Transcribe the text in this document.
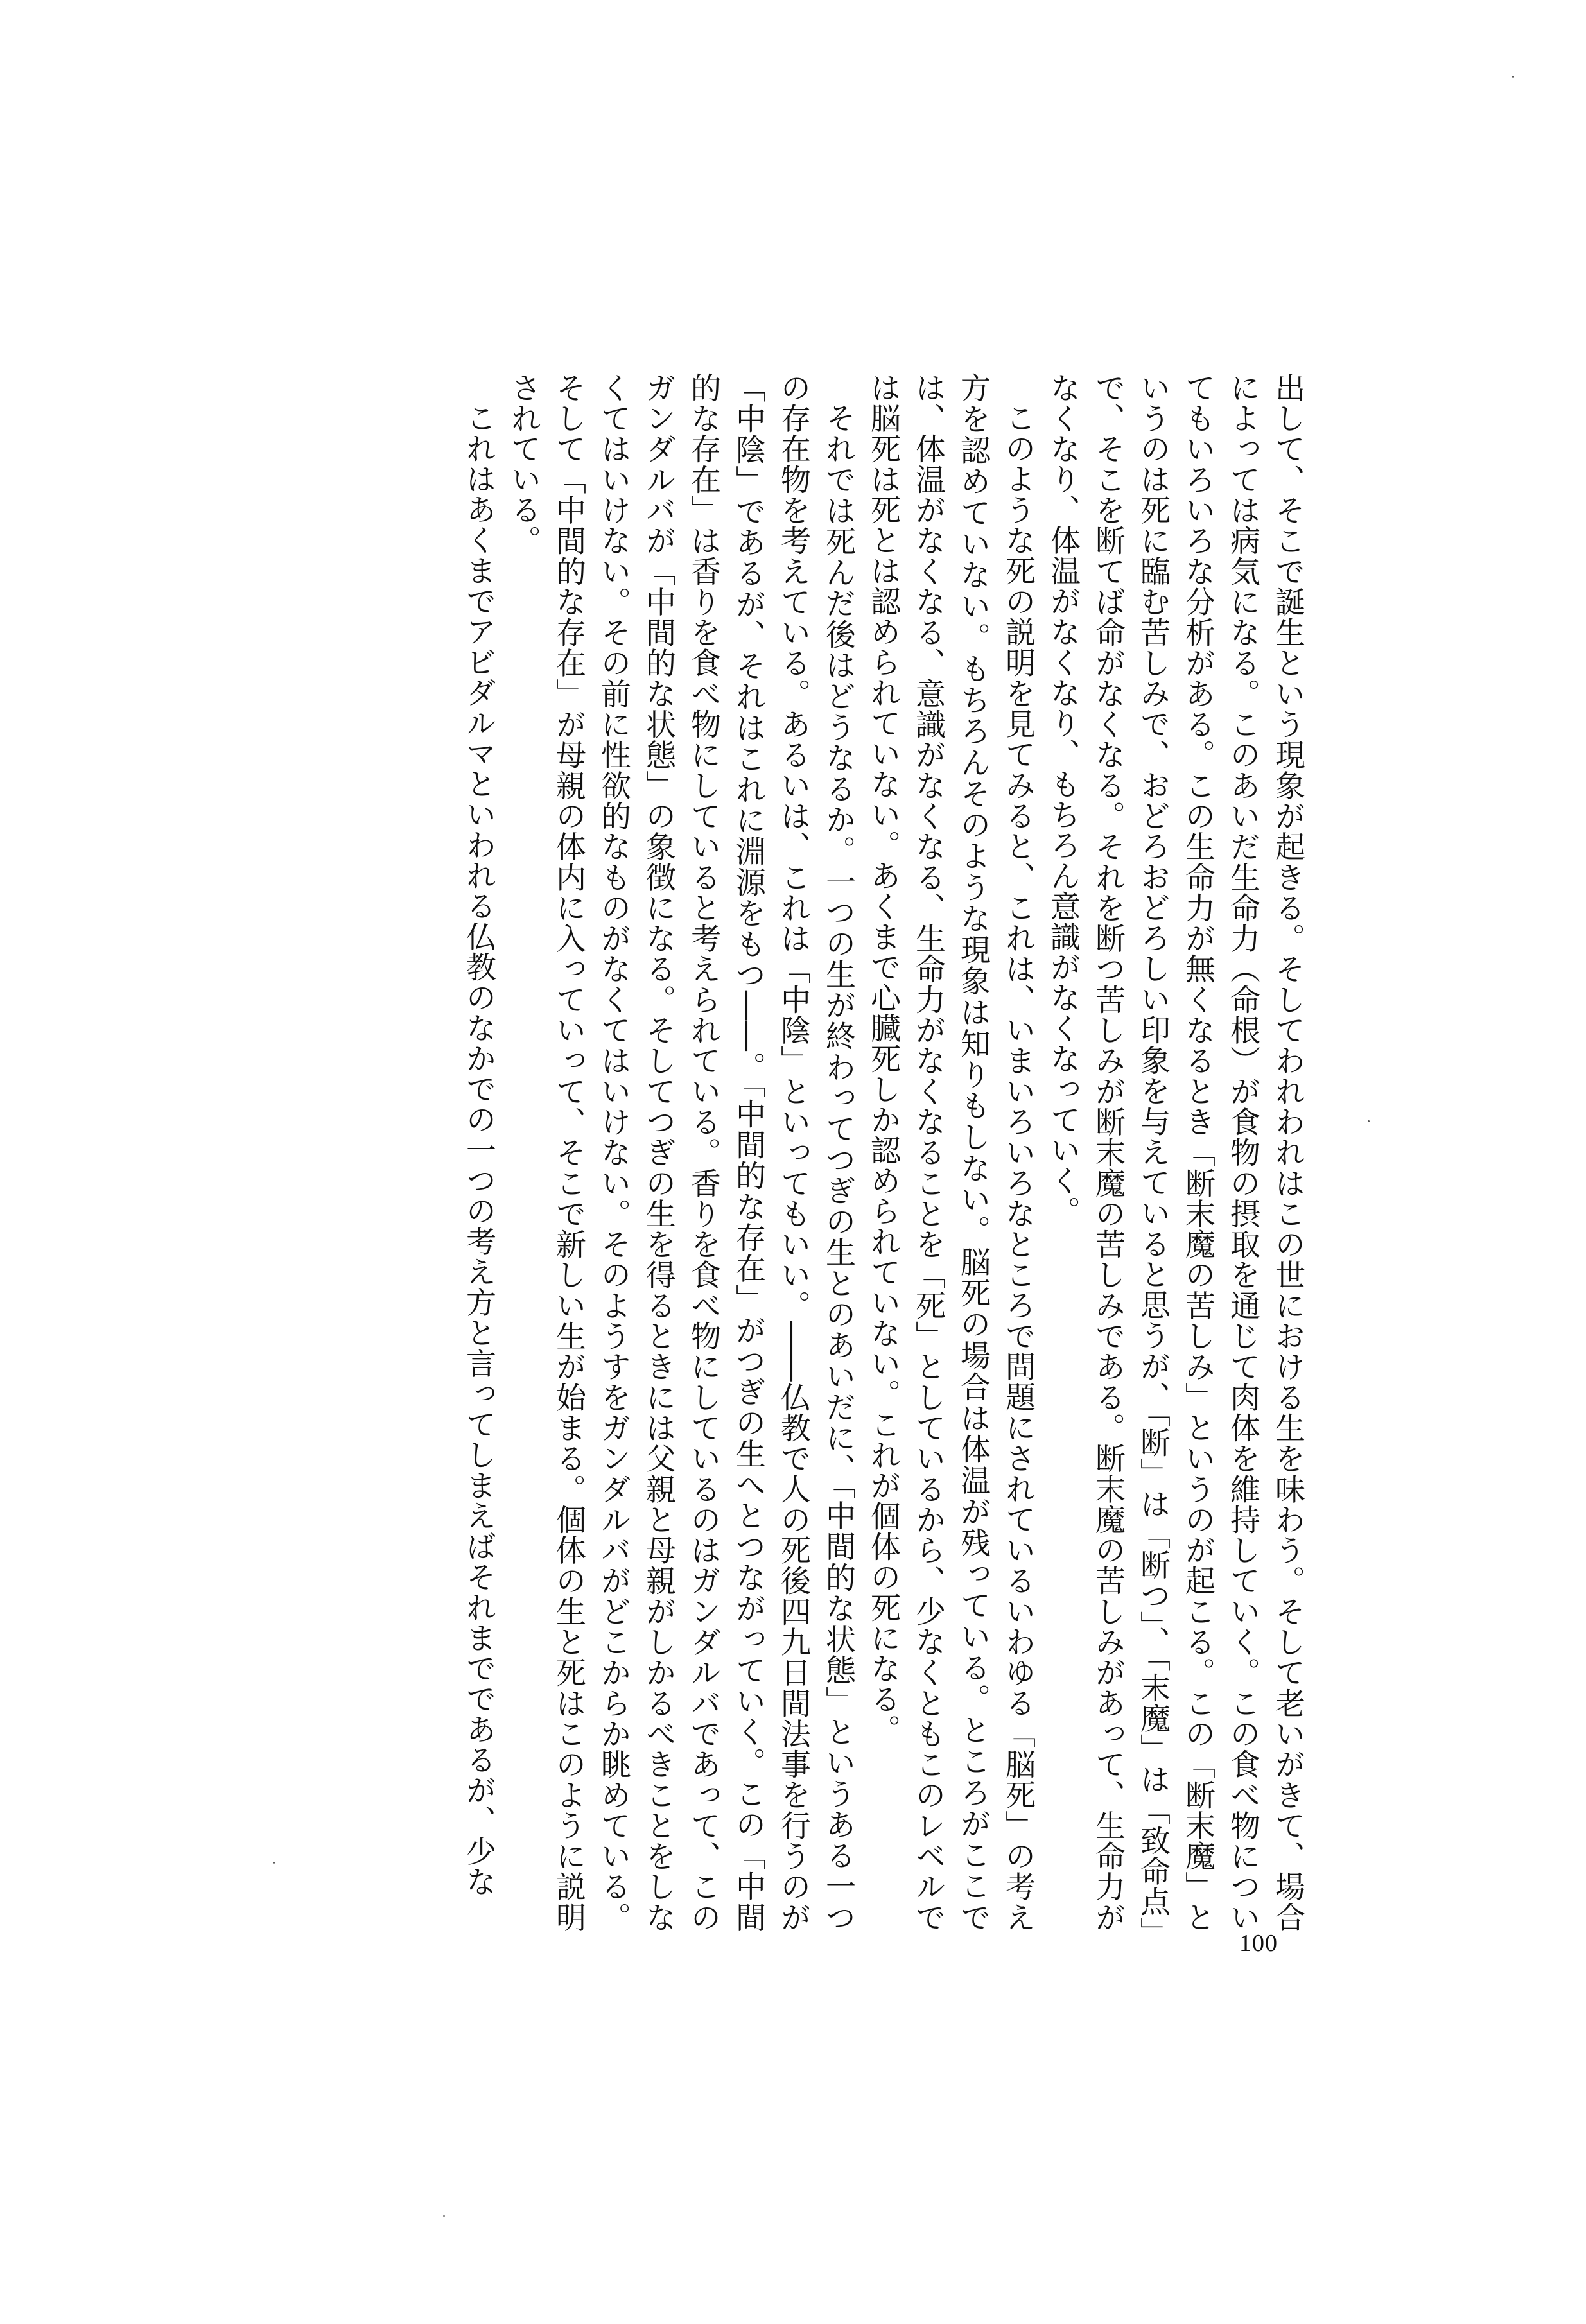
出して、そこで誕生という現象が起きる。そしてわれわれはこの世における生を味わう。そして老いがきて、場合によっては病気になる。このあいだ生命力（命根）が食物の摂取を通じて肉体を維持していく。この食べ物についてもいろいろな分析がある。この生命力が無くなるとき「断末魔の苦しみ」というのが起こる。この「断末魔」というのは死に臨む苦しみで、おどろおどろしい印象を与えていると思うが、「断」は「断つ」、「末魔」は「致命点」で、そこを断てば命がなくなる。それを断つ苦しみが断末魔の苦しみである。断末魔の苦しみがあって、生命力がなくなり、体温がなくなり、もちろん意識がなくなっていく。

このような死の説明を見てみると、これは、いまいろいろなところで問題にされているいわゆる「脳死」の考え方を認めていない。もちろんそのような現象は知りもしない。脳死の場合は体温が残っている。ところがここでは、体温がなくなる、意識がなくなる、生命力がなくなることを「死」としているから、少なくともこのレベルでは脳死は死とは認められていない。あくまで心臓死しか認められていない。これが個体の死になる。

それでは死んだ後はどうなるか。一つの生が終わってつぎの生とのあいだに、「中間的な状態」というある一つの存在物を考えている。あるいは、これは「中陰」といってもいい。――仏教で人の死後四九日間法事を行うのが「中陰」であるが、それはこれに淵源をもつ――。「中間的な存在」がつぎの生へとつながっていく。この「中間的な存在」は香りを食べ物にしていると考えられている。香りを食べ物にしているのはガンダルバであって、このガンダルバが「中間的な状態」の象徴になる。そしてつぎの生を得るときには父親と母親がしかるべきことをしなくてはいけない。その前に性欲的なものがなくてはいけない。そのようすをガンダルバがどこからか眺めている。そして「中間的な存在」が母親の体内に入っていって、そこで新しい生が始まる。個体の生と死はこのように説明されている。

これはあくまでアビダルマといわれる仏教のなかでの一つの考え方と言ってしまえばそれまでであるが、少な

100
